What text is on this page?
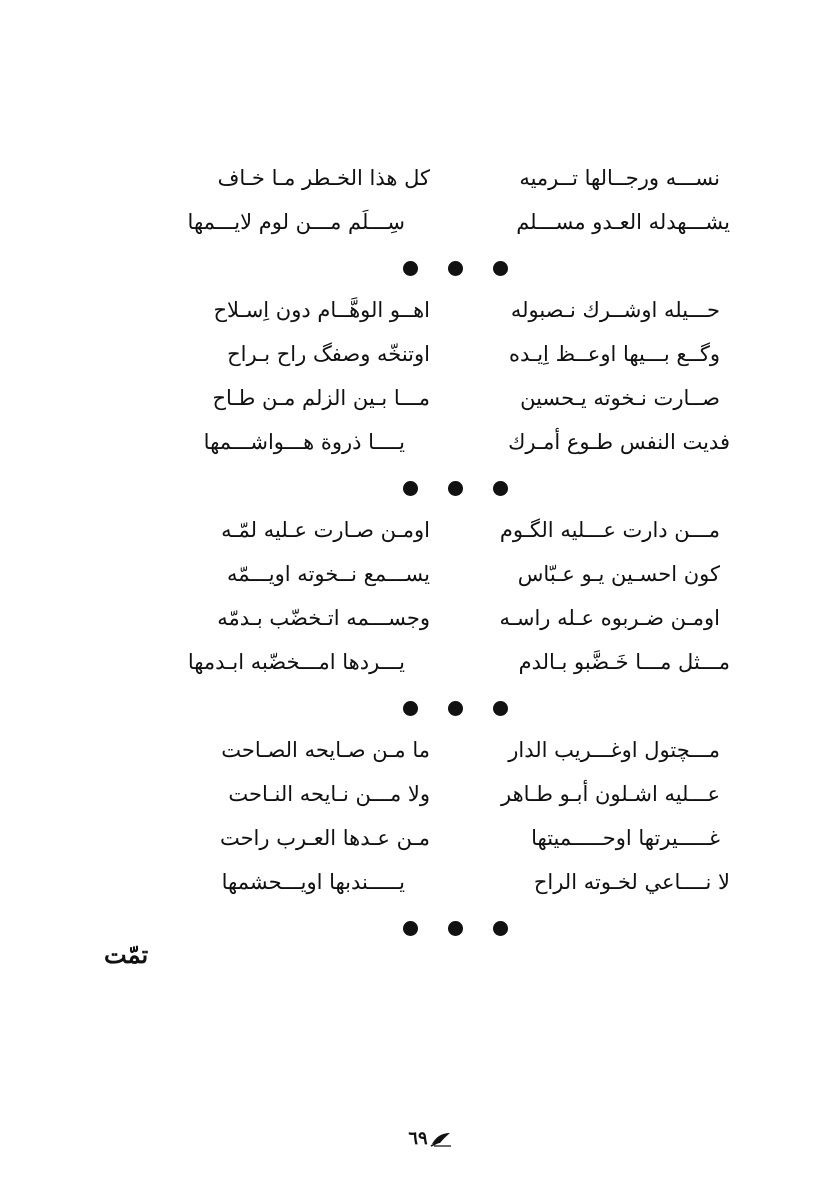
نســـه ورجــالها تــرميه
كل هذا الخـطر مـا خـاف
يشـــهدله العـدو مســـلم
سِـــلَم مـــن لوم لايـــمها
حـــيله اوشــرك نـصبوله
اهــو الوهَّــام دون اِسـلاح
وگــع بـــيها اوعــظ اِيـده
اوتنخّه وصفگ راح بـراح
صــارت نـخوته يـحسين
مـــا بـين الزلم مـن طـاح
فديت النفس طـوع أمـرك
يــــا ذروة هـــواشـــمها
مـــن دارت عـــليه الگـوم
اومـن صـارت عـليه لمّـه
كون احسـين يـو عـبّاس
يســـمع نــخوته اويـــمّه
اومـن ضـربوه عـله راسـه
وجســـمه اتـخضّب بـدمّه
مـــثل مـــا خَـضَّبو بـالدم
يـــردها امـــخضّبه ابـدمها
مـــچتول اوغـــريب الدار
ما مـن صـايحه الصـاحت
عـــليه اشـلون أبـو طـاهر
ولا مـــن نـايحه النـاحت
غـــــيرتها اوحـــــميتها
مـن عـدها العـرب راحت
لا نــــاعي لخـوته الراح
يـــــندبها اويـــحشمها
تمّت
٦٩
